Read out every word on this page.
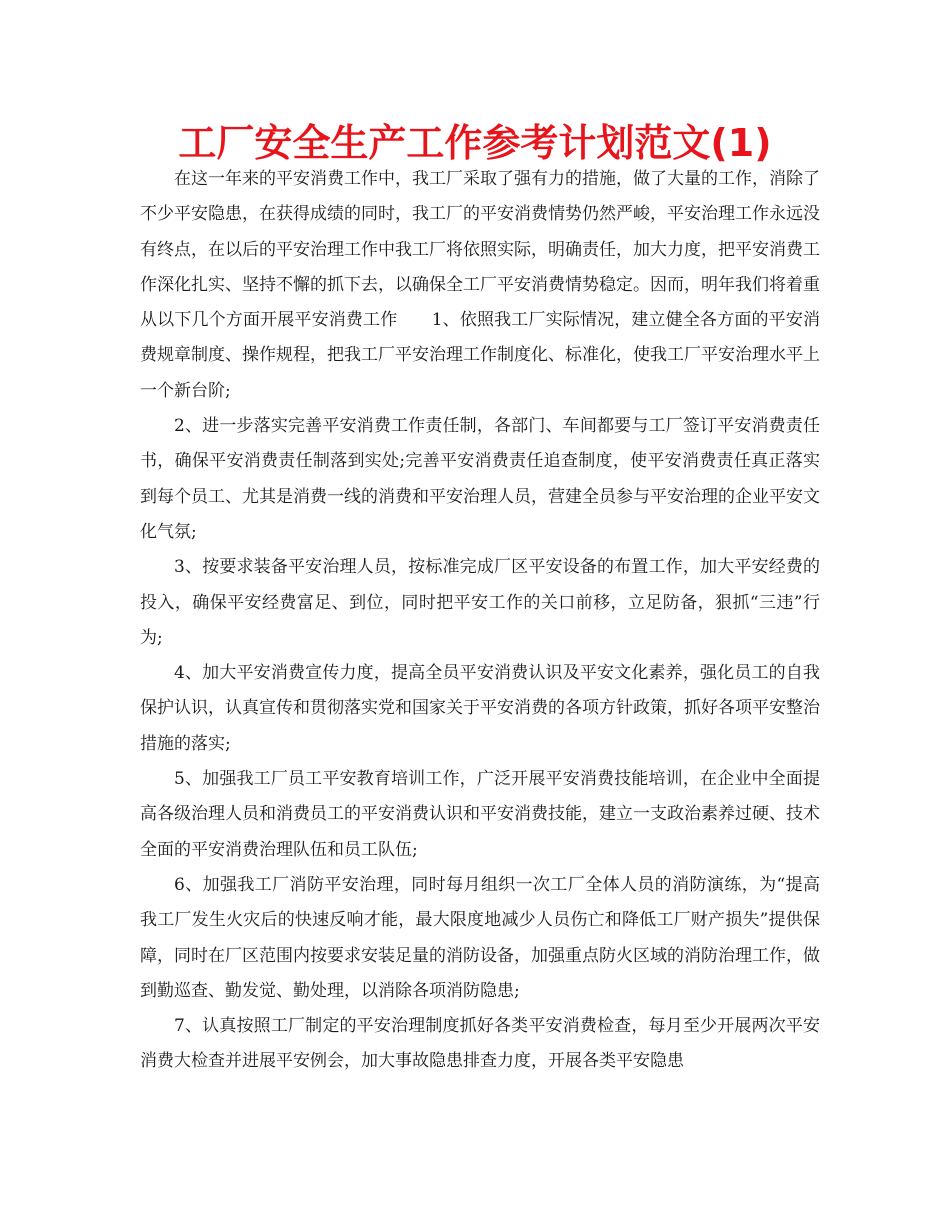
工厂安全生产工作参考计划范文(1)

在这一年来的平安消费工作中，我工厂采取了强有力的措施，做了大量的工作，消除了不少平安隐患，在获得成绩的同时，我工厂的平安消费情势仍然严峻，平安治理工作永远没有终点，在以后的平安治理工作中我工厂将依照实际，明确责任，加大力度，把平安消费工作深化扎实、坚持不懈的抓下去，以确保全工厂平安消费情势稳定。因而，明年我们将着重从以下几个方面开展平安消费工作　　1、依照我工厂实际情况，建立健全各方面的平安消费规章制度、操作规程，把我工厂平安治理工作制度化、标准化，使我工厂平安治理水平上一个新台阶;

2、进一步落实完善平安消费工作责任制，各部门、车间都要与工厂签订平安消费责任书，确保平安消费责任制落到实处;完善平安消费责任追查制度，使平安消费责任真正落实到每个员工、尤其是消费一线的消费和平安治理人员，营建全员参与平安治理的企业平安文化气氛;

3、按要求装备平安治理人员，按标准完成厂区平安设备的布置工作，加大平安经费的投入，确保平安经费富足、到位，同时把平安工作的关口前移，立足防备，狠抓“三违”行为;

4、加大平安消费宣传力度，提高全员平安消费认识及平安文化素养，强化员工的自我保护认识，认真宣传和贯彻落实党和国家关于平安消费的各项方针政策，抓好各项平安整治措施的落实;

5、加强我工厂员工平安教育培训工作，广泛开展平安消费技能培训，在企业中全面提高各级治理人员和消费员工的平安消费认识和平安消费技能，建立一支政治素养过硬、技术全面的平安消费治理队伍和员工队伍;

6、加强我工厂消防平安治理，同时每月组织一次工厂全体人员的消防演练，为“提高我工厂发生火灾后的快速反响才能，最大限度地减少人员伤亡和降低工厂财产损失”提供保障，同时在厂区范围内按要求安装足量的消防设备，加强重点防火区域的消防治理工作，做到勤巡查、勤发觉、勤处理，以消除各项消防隐患;

7、认真按照工厂制定的平安治理制度抓好各类平安消费检查，每月至少开展两次平安消费大检查并进展平安例会，加大事故隐患排查力度，开展各类平安隐患
